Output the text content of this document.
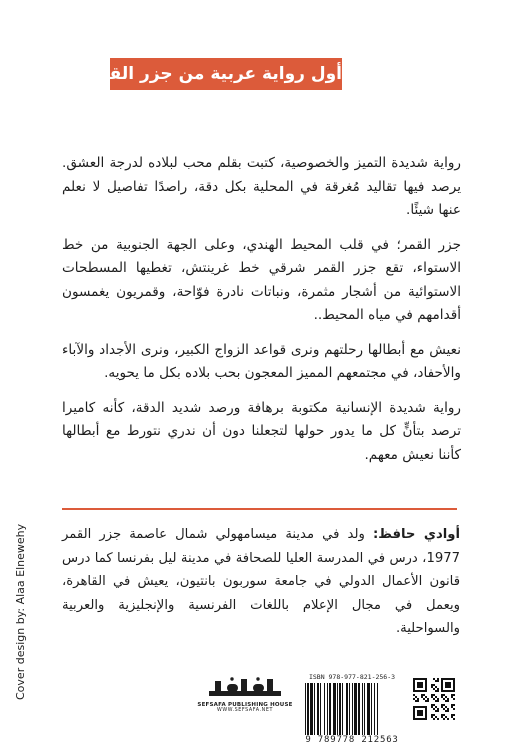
أول رواية عربية من جزر القمر وعنها

رواية شديدة التميز والخصوصية، كتبت بقلم محب لبلاده لدرجة العشق. يرصد فيها تقاليد مُغرقة في المحلية بكل دقة، راصدًا تفاصيل لا نعلم عنها شيئًا.

جزر القمر؛ في قلب المحيط الهندي، وعلى الجهة الجنوبية من خط الاستواء، تقع جزر القمر شرقي خط غرينتش، تغطيها المسطحات الاستوائية من أشجار مثمرة، ونباتات نادرة فوّاحة، وقمريون يغمسون أقدامهم في مياه المحيط..

نعيش مع أبطالها رحلتهم ونرى قواعد الزواج الكبير، ونرى الأجداد والآباء والأحفاد، في مجتمعهم المميز المعجون بحب بلاده بكل ما يحويه.

رواية شديدة الإنسانية مكتوبة برهافة ورصد شديد الدقة، كأنه كاميرا ترصد بتأنٍّ كل ما يدور حولها لتجعلنا دون أن ندري نتورط مع أبطالها كأننا نعيش معهم.

أوادي حافظ: ولد في مدينة ميسامهولي شمال عاصمة جزر القمر 1977، درس في المدرسة العليا للصحافة في مدينة ليل بفرنسا كما درس قانون الأعمال الدولي في جامعة سوربون بانتيون، يعيش في القاهرة، ويعمل في مجال الإعلام باللغات الفرنسية والإنجليزية والعربية والسواحلية.

Cover design by: Alaa Elnewehy
SEFSAFA PUBLISHING HOUSE
WWW.SEFSAFA.NET
ISBN 978-977-821-256-3
9 789778 212563
